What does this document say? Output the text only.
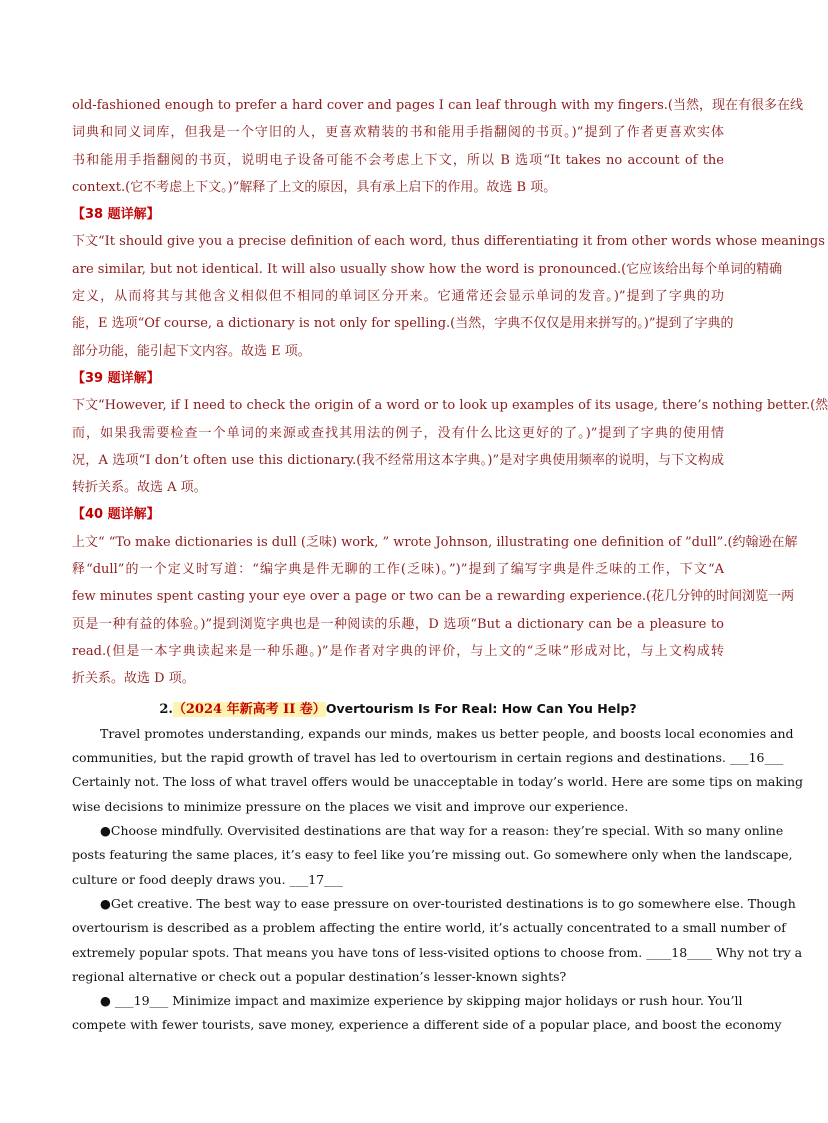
old-fashioned enough to prefer a hard cover and pages I can leaf through with my fingers.(当然，现在有很多在线
词典和同义词库，但我是一个守旧的人，更喜欢精装的书和能用手指翻阅的书页。)”提到了作者更喜欢实体
书和能用手指翻阅的书页，说明电子设备可能不会考虑上下文，所以 B 选项“It takes no account of the
context.(它不考虑上下文。)”解释了上文的原因，具有承上启下的作用。故选 B 项。
【38 题详解】
下文“It should give you a precise definition of each word, thus differentiating it from other words whose meanings
are similar, but not identical. It will also usually show how the word is pronounced.(它应该给出每个单词的精确
定义，从而将其与其他含义相似但不相同的单词区分开来。它通常还会显示单词的发音。)”提到了字典的功
能，E 选项“Of course, a dictionary is not only for spelling.(当然，字典不仅仅是用来拼写的。)”提到了字典的
部分功能，能引起下文内容。故选 E 项。
【39 题详解】
下文“However, if I need to check the origin of a word or to look up examples of its usage, there’s nothing better.(然
而，如果我需要检查一个单词的来源或查找其用法的例子，没有什么比这更好的了。)”提到了字典的使用情
况，A 选项“I don’t often use this dictionary.(我不经常用这本字典。)”是对字典使用频率的说明，与下文构成
转折关系。故选 A 项。
【40 题详解】
上文“ “To make dictionaries is dull (乏味) work, ” wrote Johnson, illustrating one definition of ”dull”.(约翰逊在解
释“dull”的一个定义时写道：“编字典是件无聊的工作(乏味)。”)”提到了编写字典是件乏味的工作，下文“A
few minutes spent casting your eye over a page or two can be a rewarding experience.(花几分钟的时间浏览一两
页是一种有益的体验。)”提到浏览字典也是一种阅读的乐趣，D 选项“But a dictionary can be a pleasure to
read.(但是一本字典读起来是一种乐趣。)”是作者对字典的评价，与上文的“乏味”形成对比，与上文构成转
折关系。故选 D 项。
2.（2024 年新高考 II 卷）Overtourism Is For Real: How Can You Help?
Travel promotes understanding, expands our minds, makes us better people, and boosts local economies and
communities, but the rapid growth of travel has led to overtourism in certain regions and destinations. ___16___
Certainly not. The loss of what travel offers would be unacceptable in today’s world. Here are some tips on making
wise decisions to minimize pressure on the places we visit and improve our experience.
●Choose mindfully. Overvisited destinations are that way for a reason: they’re special. With so many online
posts featuring the same places, it’s easy to feel like you’re missing out. Go somewhere only when the landscape,
culture or food deeply draws you. ___17___
●Get creative. The best way to ease pressure on over-touristed destinations is to go somewhere else. Though
overtourism is described as a problem affecting the entire world, it’s actually concentrated to a small number of
extremely popular spots. That means you have tons of less-visited options to choose from. ____18____ Why not try a
regional alternative or check out a popular destination’s lesser-known sights?
● ___19___ Minimize impact and maximize experience by skipping major holidays or rush hour. You’ll
compete with fewer tourists, save money, experience a different side of a popular place, and boost the economy
